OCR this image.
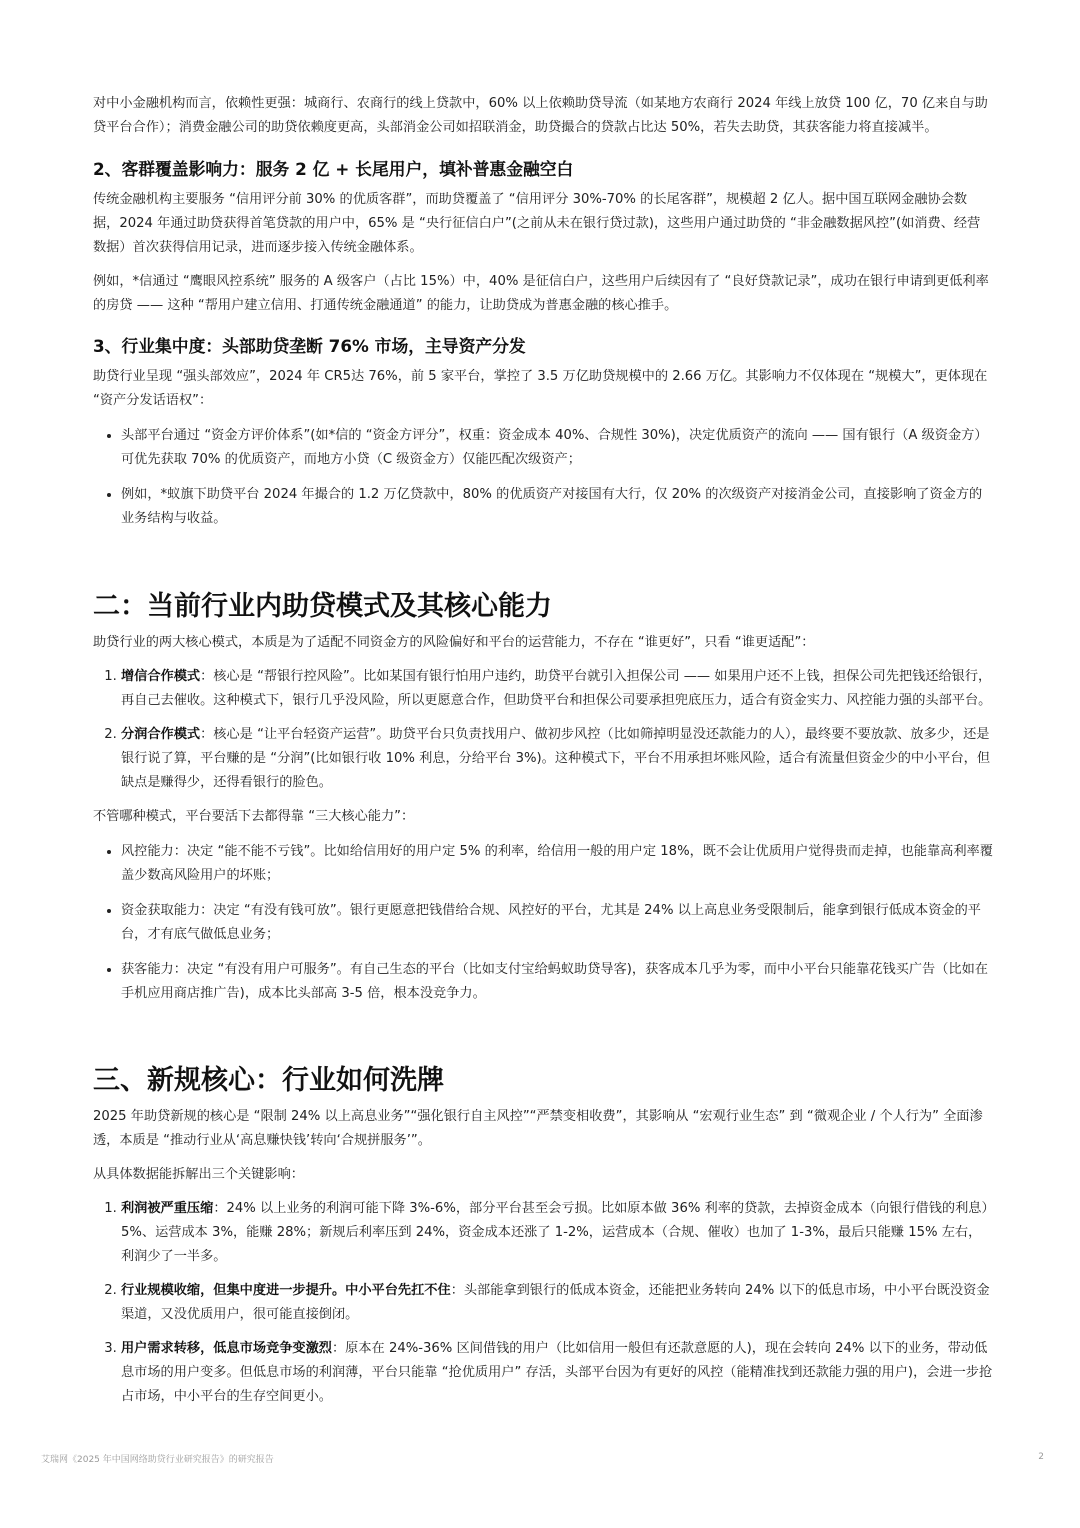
对中小金融机构而言，依赖性更强：城商行、农商行的线上贷款中，60% 以上依赖助贷导流（如某地方农商行 2024 年线上放贷 100 亿，70 亿来自与助贷平台合作）；消费金融公司的助贷依赖度更高，头部消金公司如招联消金，助贷撮合的贷款占比达 50%，若失去助贷，其获客能力将直接减半。

2、客群覆盖影响力：服务 2 亿 + 长尾用户，填补普惠金融空白

传统金融机构主要服务 “信用评分前 30% 的优质客群”，而助贷覆盖了 “信用评分 30%-70% 的长尾客群”，规模超 2 亿人。据中国互联网金融协会数据，2024 年通过助贷获得首笔贷款的用户中，65% 是 “央行征信白户”(之前从未在银行贷过款)，这些用户通过助贷的 “非金融数据风控”(如消费、经营数据）首次获得信用记录，进而逐步接入传统金融体系。

例如，*信通过 “鹰眼风控系统” 服务的 A 级客户（占比 15%）中，40% 是征信白户，这些用户后续因有了 “良好贷款记录”，成功在银行申请到更低利率的房贷 —— 这种 “帮用户建立信用、打通传统金融通道” 的能力，让助贷成为普惠金融的核心推手。

3、行业集中度：头部助贷垄断 76% 市场，主导资产分发

助贷行业呈现 “强头部效应”，2024 年 CR5达 76%，前 5 家平台，掌控了 3.5 万亿助贷规模中的 2.66 万亿。其影响力不仅体现在 “规模大”，更体现在 “资产分发话语权”：

• 头部平台通过 “资金方评价体系”(如*信的 “资金方评分”，权重：资金成本 40%、合规性 30%)，决定优质资产的流向 —— 国有银行（A 级资金方）可优先获取 70% 的优质资产，而地方小贷（C 级资金方）仅能匹配次级资产；
• 例如，*蚁旗下助贷平台 2024 年撮合的 1.2 万亿贷款中，80% 的优质资产对接国有大行，仅 20% 的次级资产对接消金公司，直接影响了资金方的业务结构与收益。
二：当前行业内助贷模式及其核心能力

助贷行业的两大核心模式，本质是为了适配不同资金方的风险偏好和平台的运营能力，不存在 “谁更好”，只看 “谁更适配”：

1. 增信合作模式：核心是 “帮银行控风险”。比如某国有银行怕用户违约，助贷平台就引入担保公司 —— 如果用户还不上钱，担保公司先把钱还给银行，再自己去催收。这种模式下，银行几乎没风险，所以更愿意合作，但助贷平台和担保公司要承担兜底压力，适合有资金实力、风控能力强的头部平台。
2. 分润合作模式：核心是 “让平台轻资产运营”。助贷平台只负责找用户、做初步风控（比如筛掉明显没还款能力的人），最终要不要放款、放多少，还是银行说了算，平台赚的是 “分润”(比如银行收 10% 利息，分给平台 3%)。这种模式下，平台不用承担坏账风险，适合有流量但资金少的中小平台，但缺点是赚得少，还得看银行的脸色。

不管哪种模式，平台要活下去都得靠 “三大核心能力”：

• 风控能力：决定 “能不能不亏钱”。比如给信用好的用户定 5% 的利率，给信用一般的用户定 18%，既不会让优质用户觉得贵而走掉，也能靠高利率覆盖少数高风险用户的坏账；
• 资金获取能力：决定 “有没有钱可放”。银行更愿意把钱借给合规、风控好的平台，尤其是 24% 以上高息业务受限制后，能拿到银行低成本资金的平台，才有底气做低息业务；
• 获客能力：决定 “有没有用户可服务”。有自己生态的平台（比如支付宝给蚂蚁助贷导客)，获客成本几乎为零，而中小平台只能靠花钱买广告（比如在手机应用商店推广告)，成本比头部高 3-5 倍，根本没竞争力。
三、新规核心：行业如何洗牌

2025 年助贷新规的核心是 “限制 24% 以上高息业务”“强化银行自主风控”“严禁变相收费”，其影响从 “宏观行业生态” 到 “微观企业 / 个人行为” 全面渗透，本质是 “推动行业从‘高息赚快钱’转向‘合规拼服务’”。

从具体数据能拆解出三个关键影响：

1. 利润被严重压缩：24% 以上业务的利润可能下降 3%-6%，部分平台甚至会亏损。比如原本做 36% 利率的贷款，去掉资金成本（向银行借钱的利息）5%、运营成本 3%，能赚 28%；新规后利率压到 24%，资金成本还涨了 1-2%，运营成本（合规、催收）也加了 1-3%，最后只能赚 15% 左右，利润少了一半多。
2. 行业规模收缩，但集中度进一步提升。中小平台先扛不住：头部能拿到银行的低成本资金，还能把业务转向 24% 以下的低息市场，中小平台既没资金渠道，又没优质用户，很可能直接倒闭。
3. 用户需求转移，低息市场竞争变激烈：原本在 24%-36% 区间借钱的用户（比如信用一般但有还款意愿的人)，现在会转向 24% 以下的业务，带动低息市场的用户变多。但低息市场的利润薄，平台只能靠 “抢优质用户” 存活，头部平台因为有更好的风控（能精准找到还款能力强的用户)，会进一步抢占市场，中小平台的生存空间更小。
艾瑞网《2025 年中国网络助贷行业研究报告》的研究报告	2
